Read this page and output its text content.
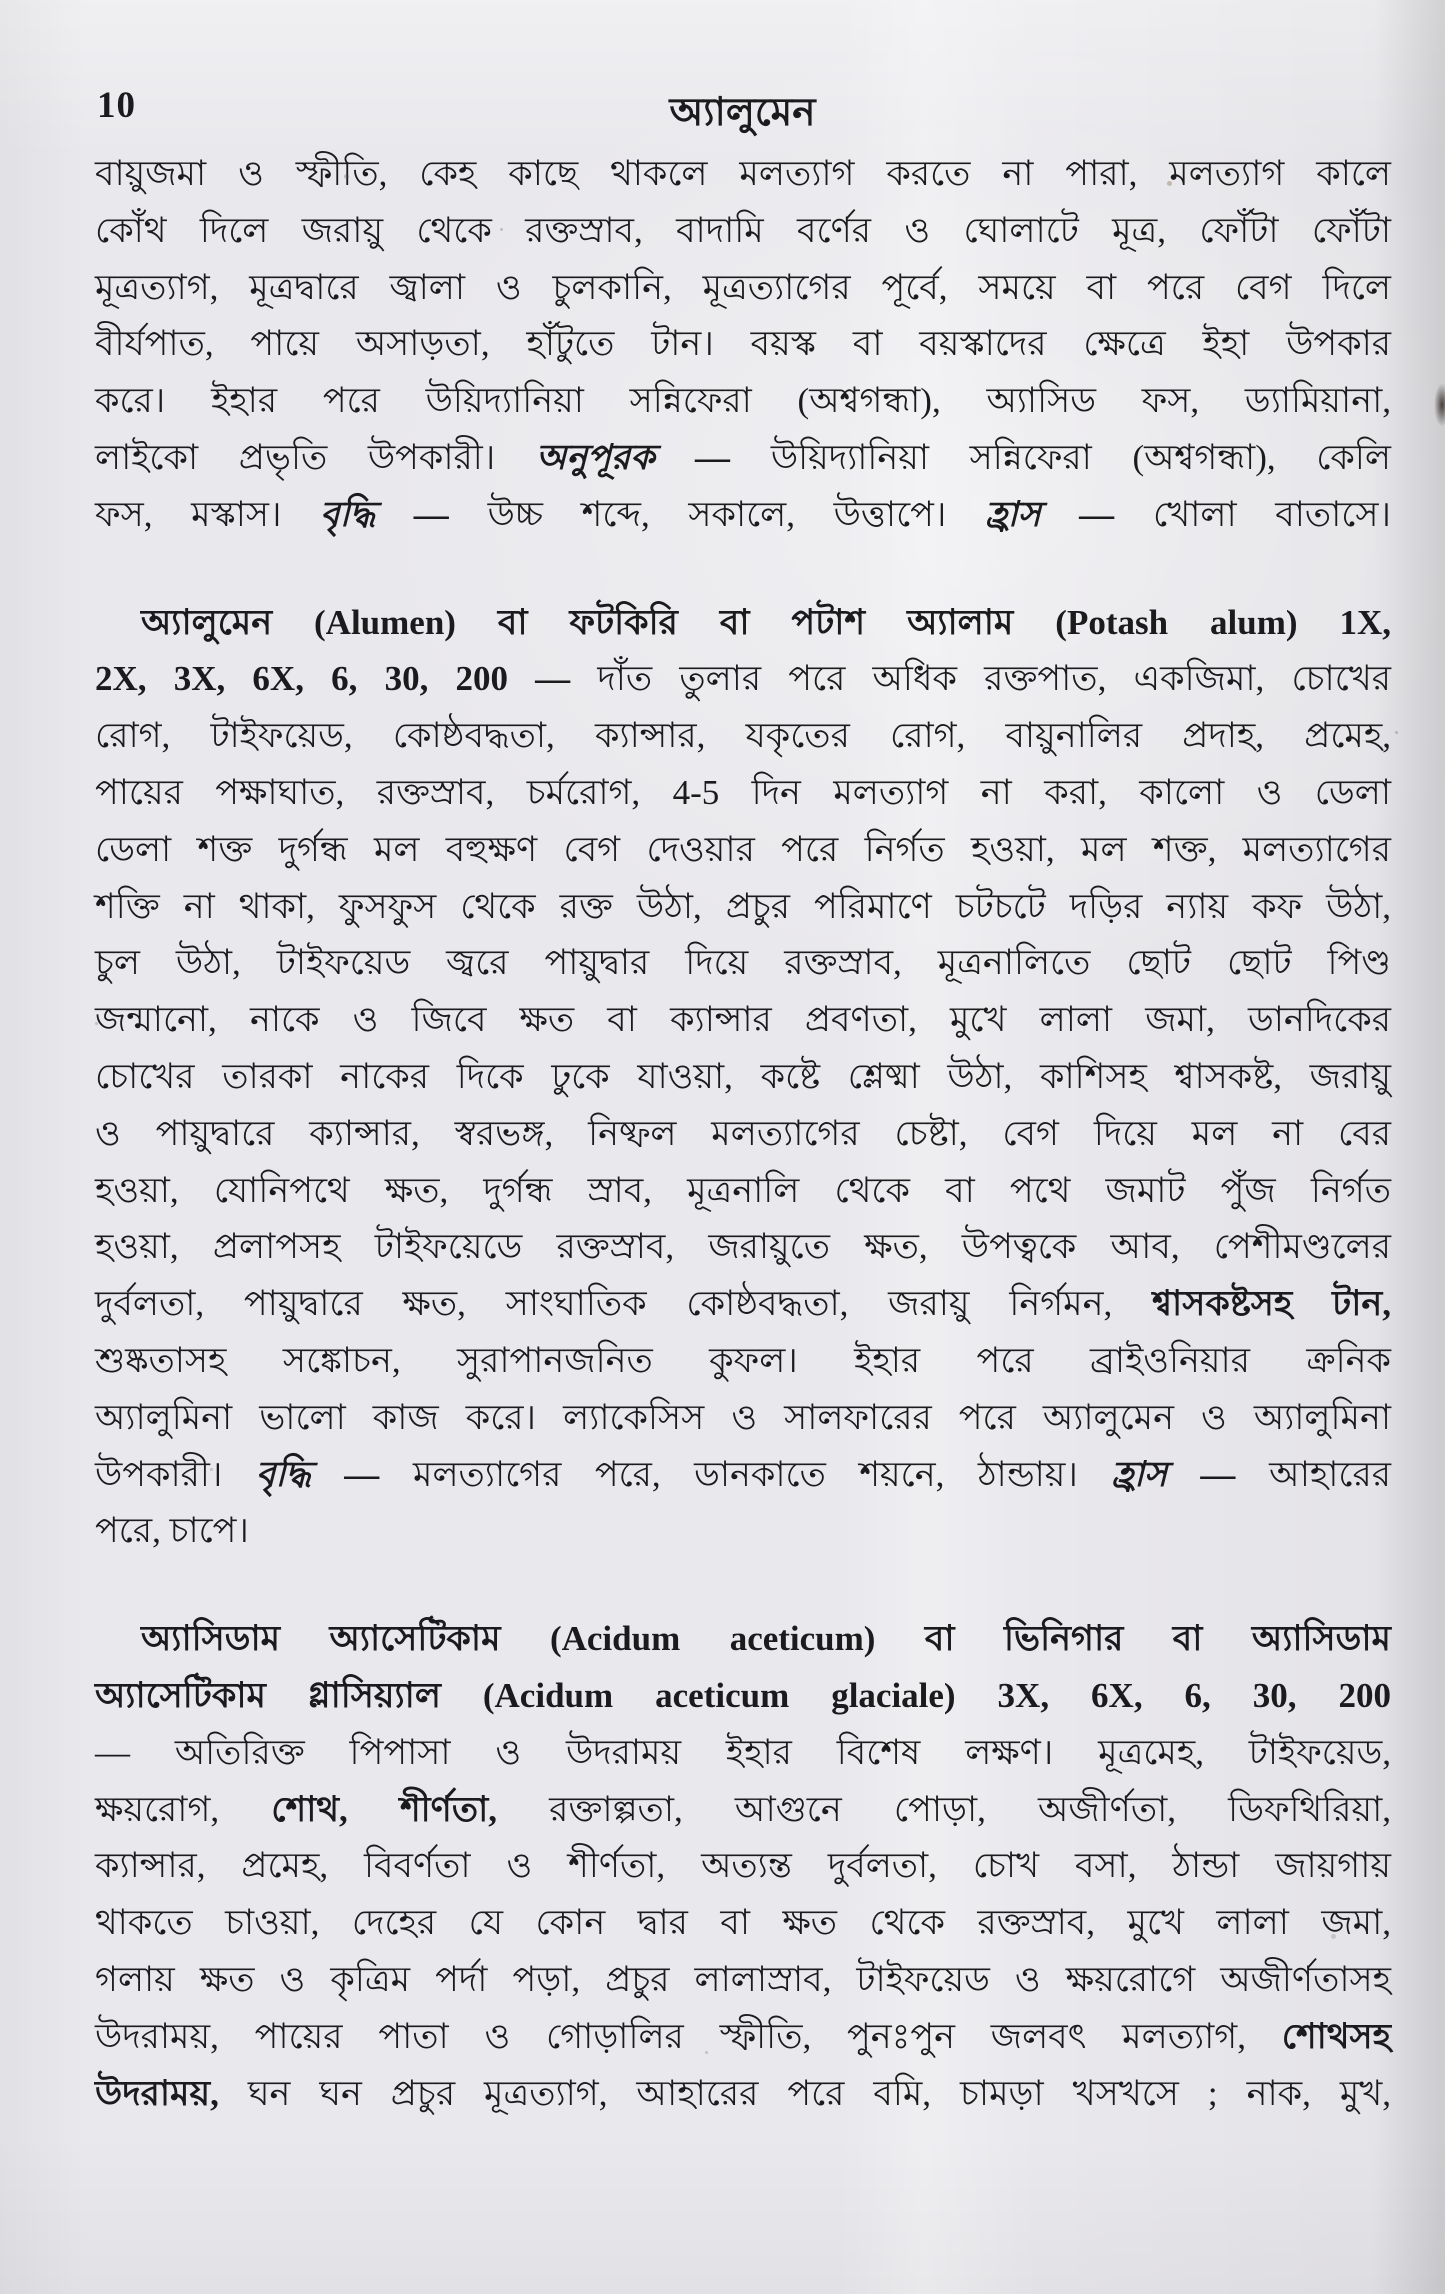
10	অ্যালুমেন
বায়ুজমা ও স্ফীতি, কেহ কাছে থাকলে মলত্যাগ করতে না পারা, মলত্যাগ কালে
কোঁথ দিলে জরায়ু থেকে রক্তস্রাব, বাদামি বর্ণের ও ঘোলাটে মূত্র, ফোঁটা ফোঁটা
মূত্রত্যাগ, মূত্রদ্বারে জ্বালা ও চুলকানি, মূত্রত্যাগের পূর্বে, সময়ে বা পরে বেগ দিলে
বীর্যপাত, পায়ে অসাড়তা, হাঁটুতে টান। বয়স্ক বা বয়স্কাদের ক্ষেত্রে ইহা উপকার
করে। ইহার পরে উয়িদ্যানিয়া সন্নিফেরা (অশ্বগন্ধা), অ্যাসিড ফস, ড্যামিয়ানা,
লাইকো প্রভৃতি উপকারী। অনুপূরক — উয়িদ্যানিয়া সন্নিফেরা (অশ্বগন্ধা), কেলি
ফস, মস্কাস। বৃদ্ধি — উচ্চ শব্দে, সকালে, উত্তাপে। হ্রাস — খোলা বাতাসে।
অ্যালুমেন (Alumen) বা ফটকিরি বা পটাশ অ্যালাম (Potash alum) 1X,
2X, 3X, 6X, 6, 30, 200 — দাঁত তুলার পরে অধিক রক্তপাত, একজিমা, চোখের
রোগ, টাইফয়েড, কোষ্ঠবদ্ধতা, ক্যান্সার, যকৃতের রোগ, বায়ুনালির প্রদাহ, প্রমেহ,
পায়ের পক্ষাঘাত, রক্তস্রাব, চর্মরোগ, 4-5 দিন মলত্যাগ না করা, কালো ও ডেলা
ডেলা শক্ত দুর্গন্ধ মল বহুক্ষণ বেগ দেওয়ার পরে নির্গত হওয়া, মল শক্ত, মলত্যাগের
শক্তি না থাকা, ফুসফুস থেকে রক্ত উঠা, প্রচুর পরিমাণে চটচটে দড়ির ন্যায় কফ উঠা,
চুল উঠা, টাইফয়েড জ্বরে পায়ুদ্বার দিয়ে রক্তস্রাব, মূত্রনালিতে ছোট ছোট পিণ্ড
জন্মানো, নাকে ও জিবে ক্ষত বা ক্যান্সার প্রবণতা, মুখে লালা জমা, ডানদিকের
চোখের তারকা নাকের দিকে ঢুকে যাওয়া, কষ্টে শ্লেষ্মা উঠা, কাশিসহ শ্বাসকষ্ট, জরায়ু
ও পায়ুদ্বারে ক্যান্সার, স্বরভঙ্গ, নিষ্ফল মলত্যাগের চেষ্টা, বেগ দিয়ে মল না বের
হওয়া, যোনিপথে ক্ষত, দুর্গন্ধ স্রাব, মূত্রনালি থেকে বা পথে জমাট পুঁজ নির্গত
হওয়া, প্রলাপসহ টাইফয়েডে রক্তস্রাব, জরায়ুতে ক্ষত, উপত্বকে আব, পেশীমণ্ডলের
দুর্বলতা, পায়ুদ্বারে ক্ষত, সাংঘাতিক কোষ্ঠবদ্ধতা, জরায়ু নির্গমন, শ্বাসকষ্টসহ টান,
শুষ্কতাসহ সঙ্কোচন, সুরাপানজনিত কুফল। ইহার পরে ব্রাইওনিয়ার ক্রনিক
অ্যালুমিনা ভালো কাজ করে। ল্যাকেসিস ও সালফারের পরে অ্যালুমেন ও অ্যালুমিনা
উপকারী। বৃদ্ধি — মলত্যাগের পরে, ডানকাতে শয়নে, ঠান্ডায়। হ্রাস — আহারের
পরে, চাপে।
অ্যাসিডাম অ্যাসেটিকাম (Acidum aceticum) বা ভিনিগার বা অ্যাসিডাম
অ্যাসেটিকাম গ্লাসিয়্যাল (Acidum aceticum glaciale) 3X, 6X, 6, 30, 200
— অতিরিক্ত পিপাসা ও উদরাময় ইহার বিশেষ লক্ষণ। মূত্রমেহ, টাইফয়েড,
ক্ষয়রোগ, শোথ, শীর্ণতা, রক্তাল্পতা, আগুনে পোড়া, অজীর্ণতা, ডিফথিরিয়া,
ক্যান্সার, প্রমেহ, বিবর্ণতা ও শীর্ণতা, অত্যন্ত দুর্বলতা, চোখ বসা, ঠান্ডা জায়গায়
থাকতে চাওয়া, দেহের যে কোন দ্বার বা ক্ষত থেকে রক্তস্রাব, মুখে লালা জমা,
গলায় ক্ষত ও কৃত্রিম পর্দা পড়া, প্রচুর লালাস্রাব, টাইফয়েড ও ক্ষয়রোগে অজীর্ণতাসহ
উদরাময়, পায়ের পাতা ও গোড়ালির স্ফীতি, পুনঃপুন জলবৎ মলত্যাগ, শোথসহ
উদরাময়, ঘন ঘন প্রচুর মূত্রত্যাগ, আহারের পরে বমি, চামড়া খসখসে ; নাক, মুখ,
